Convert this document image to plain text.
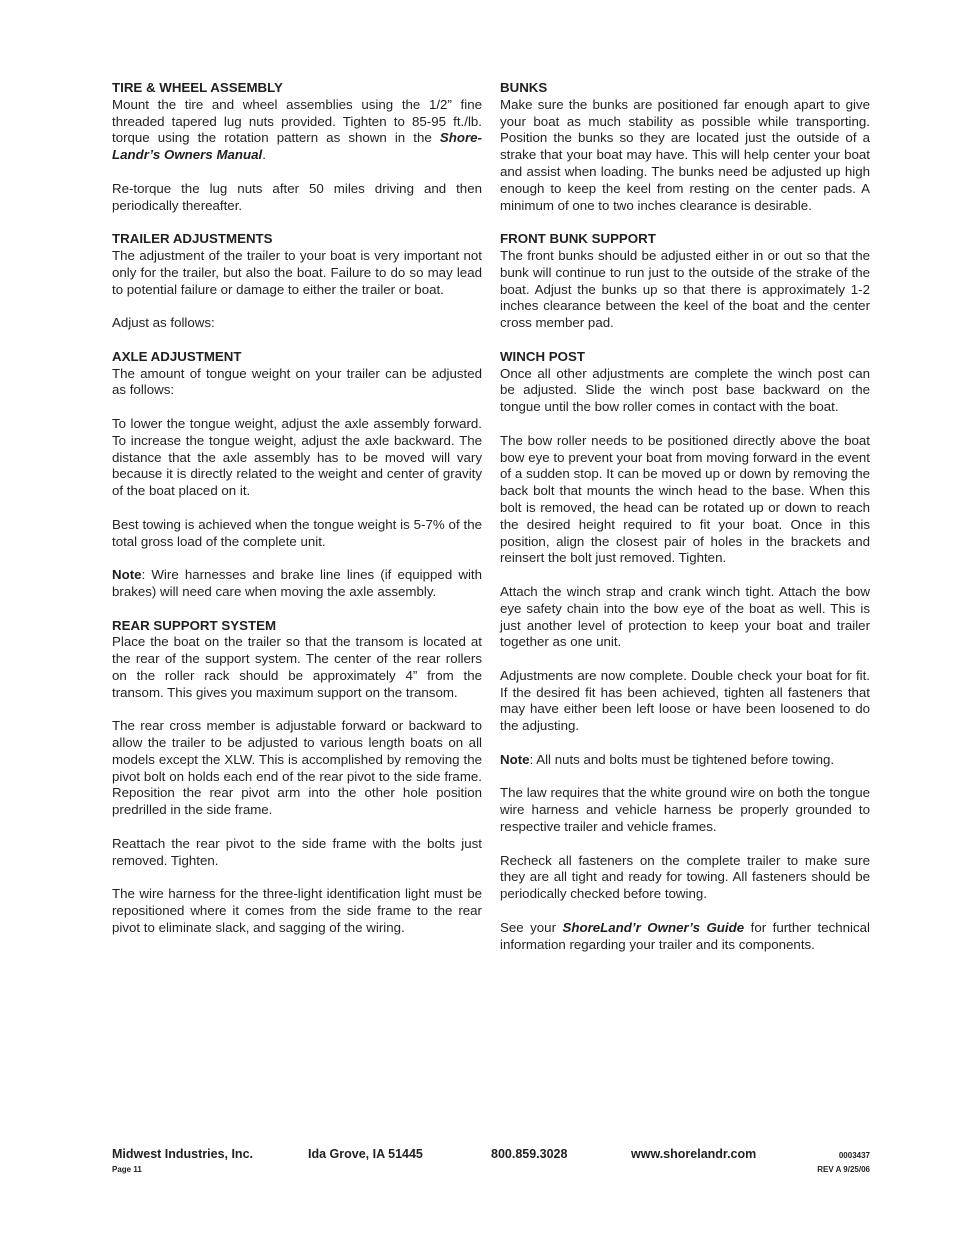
TIRE & WHEEL ASSEMBLY

Mount the tire and wheel assemblies using the 1/2” fine threaded tapered lug nuts provided. Tighten to 85-95 ft./lb. torque using the rotation pattern as shown in the Shore-Landr’s Owners Manual.

Re-torque the lug nuts after 50 miles driving and then periodically thereafter.

TRAILER ADJUSTMENTS

The adjustment of the trailer to your boat is very important not only for the trailer, but also the boat. Failure to do so may lead to potential failure or damage to either the trailer or boat.

Adjust as follows:

AXLE ADJUSTMENT

The amount of tongue weight on your trailer can be adjusted as follows:

To lower the tongue weight, adjust the axle assembly forward. To increase the tongue weight, adjust the axle backward. The distance that the axle assembly has to be moved will vary because it is directly related to the weight and center of gravity of the boat placed on it.

Best towing is achieved when the tongue weight is 5-7% of the total gross load of the complete unit.

Note: Wire harnesses and brake line lines (if equipped with brakes) will need care when moving the axle assembly.

REAR SUPPORT SYSTEM

Place the boat on the trailer so that the transom is located at the rear of the support system. The center of the rear rollers on the roller rack should be approximately 4” from the transom. This gives you maximum support on the transom.

The rear cross member is adjustable forward or backward to allow the trailer to be adjusted to various length boats on all models except the XLW. This is accomplished by removing the pivot bolt on holds each end of the rear pivot to the side frame. Reposition the rear pivot arm into the other hole position predrilled in the side frame.

Reattach the rear pivot to the side frame with the bolts just removed. Tighten.

The wire harness for the three-light identification light must be repositioned where it comes from the side frame to the rear pivot to eliminate slack, and sagging of the wiring.

BUNKS

Make sure the bunks are positioned far enough apart to give your boat as much stability as possible while transporting. Position the bunks so they are located just the outside of a strake that your boat may have. This will help center your boat and assist when loading. The bunks need be adjusted up high enough to keep the keel from resting on the center pads. A minimum of one to two inches clearance is desirable.

FRONT BUNK SUPPORT

The front bunks should be adjusted either in or out so that the bunk will continue to run just to the outside of the strake of the boat. Adjust the bunks up so that there is approximately 1-2 inches clearance between the keel of the boat and the center cross member pad.

WINCH POST

Once all other adjustments are complete the winch post can be adjusted. Slide the winch post base backward on the tongue until the bow roller comes in contact with the boat.

The bow roller needs to be positioned directly above the boat bow eye to prevent your boat from moving forward in the event of a sudden stop. It can be moved up or down by removing the back bolt that mounts the winch head to the base. When this bolt is removed, the head can be rotated up or down to reach the desired height required to fit your boat. Once in this position, align the closest pair of holes in the brackets and reinsert the bolt just removed. Tighten.

Attach the winch strap and crank winch tight. Attach the bow eye safety chain into the bow eye of the boat as well. This is just another level of protection to keep your boat and trailer together as one unit.

Adjustments are now complete. Double check your boat for fit. If the desired fit has been achieved, tighten all fasteners that may have either been left loose or have been loosened to do the adjusting.

Note: All nuts and bolts must be tightened before towing.

The law requires that the white ground wire on both the tongue wire harness and vehicle harness be properly grounded to respective trailer and vehicle frames.

Recheck all fasteners on the complete trailer to make sure they are all tight and ready for towing. All fasteners should be periodically checked before towing.

See your ShoreLand’r Owner’s Guide for further technical information regarding your trailer and its components.

Midwest Industries, Inc.	Ida Grove, IA 51445	800.859.3028	www.shorelandr.com	0003437
Page 11	REV A 9/25/06
